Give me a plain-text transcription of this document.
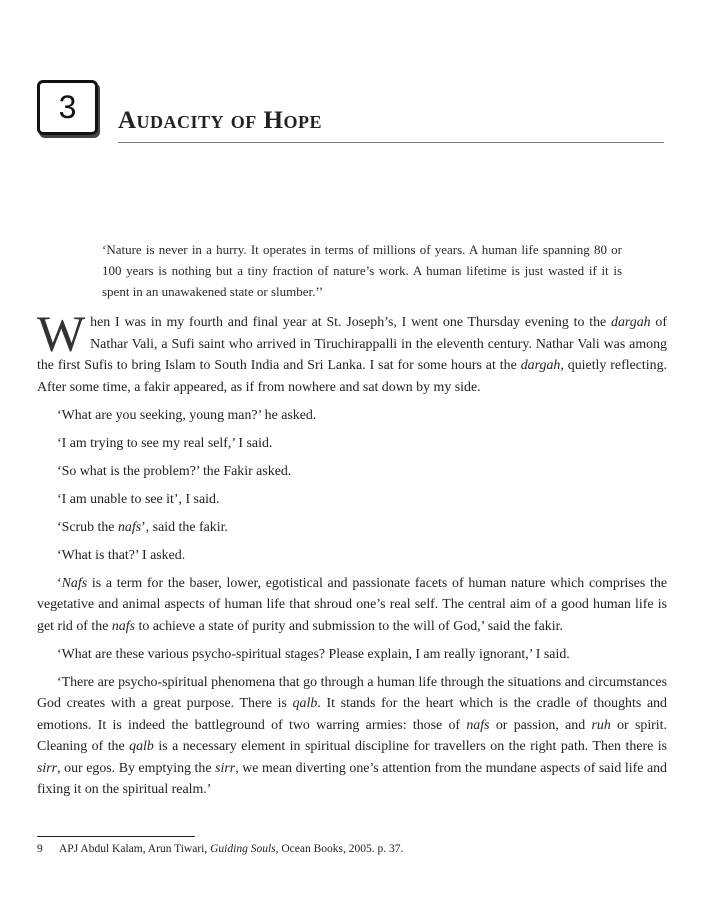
3 Audacity of Hope
‘Nature is never in a hurry. It operates in terms of millions of years. A human life spanning 80 or 100 years is nothing but a tiny fraction of nature’s work. A human lifetime is just wasted if it is spent in an unawakened state or slumber.’’

When I was in my fourth and final year at St. Joseph’s, I went one Thursday evening to the dargah of Nathar Vali, a Sufi saint who arrived in Tiruchirappalli in the eleventh century. Nathar Vali was among the first Sufis to bring Islam to South India and Sri Lanka. I sat for some hours at the dargah, quietly reflecting. After some time, a fakir appeared, as if from nowhere and sat down by my side.

‘What are you seeking, young man?’ he asked.

‘I am trying to see my real self,’ I said.

‘So what is the problem?’ the Fakir asked.

‘I am unable to see it’, I said.

‘Scrub the nafs’, said the fakir.

‘What is that?’ I asked.

‘Nafs is a term for the baser, lower, egotistical and passionate facets of human nature which comprises the vegetative and animal aspects of human life that shroud one’s real self. The central aim of a good human life is get rid of the nafs to achieve a state of purity and submission to the will of God,’ said the fakir.

‘What are these various psycho-spiritual stages? Please explain, I am really ignorant,’ I said.

‘There are psycho-spiritual phenomena that go through a human life through the situations and circumstances God creates with a great purpose. There is qalb. It stands for the heart which is the cradle of thoughts and emotions. It is indeed the battleground of two warring armies: those of nafs or passion, and ruh or spirit. Cleaning of the qalb is a necessary element in spiritual discipline for travellers on the right path. Then there is sirr, our egos. By emptying the sirr, we mean diverting one’s attention from the mundane aspects of said life and fixing it on the spiritual realm.’

9 APJ Abdul Kalam, Arun Tiwari, Guiding Souls, Ocean Books, 2005. p. 37.
